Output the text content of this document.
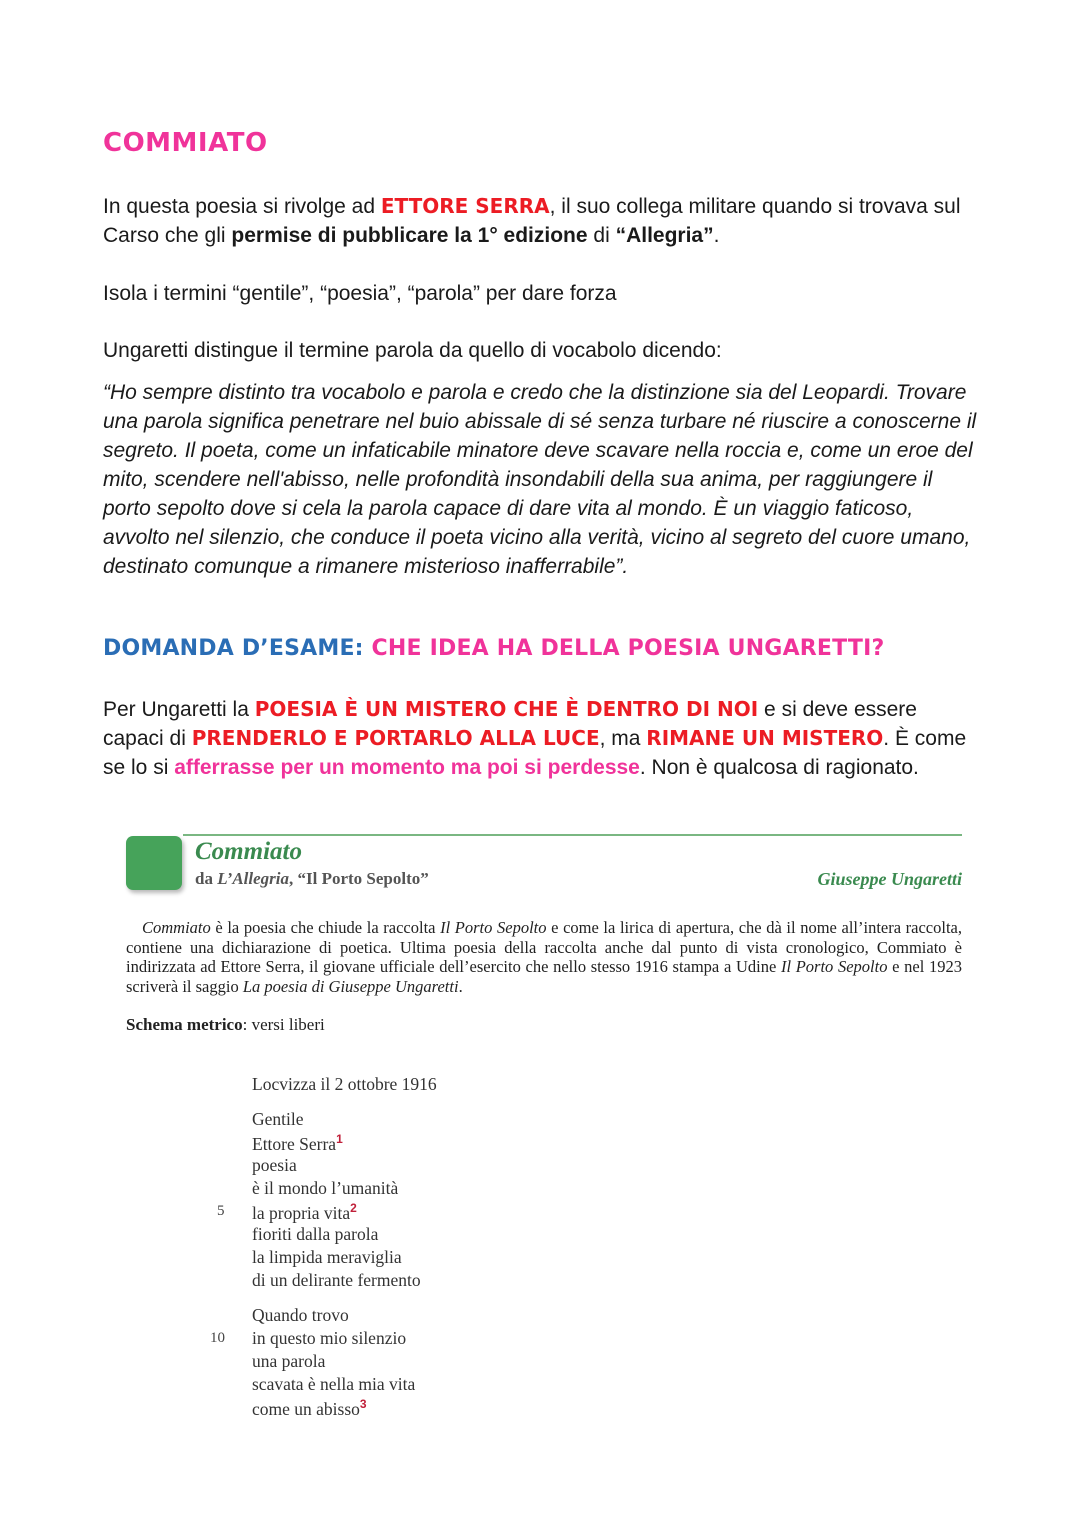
COMMIATO

In questa poesia si rivolge ad ETTORE SERRA, il suo collega militare quando si trovava sul Carso che gli permise di pubblicare la 1° edizione di “Allegria”.

Isola i termini “gentile”, “poesia”, “parola” per dare forza

Ungaretti distingue il termine parola da quello di vocabolo dicendo:

“Ho sempre distinto tra vocabolo e parola e credo che la distinzione sia del Leopardi. Trovare una parola significa penetrare nel buio abissale di sé senza turbare né riuscire a conoscerne il segreto. Il poeta, come un infaticabile minatore deve scavare nella roccia e, come un eroe del mito, scendere nell'abisso, nelle profondità insondabili della sua anima, per raggiungere il porto sepolto dove si cela la parola capace di dare vita al mondo. È un viaggio faticoso, avvolto nel silenzio, che conduce il poeta vicino alla verità, vicino al segreto del cuore umano, destinato comunque a rimanere misterioso inafferrabile”.

DOMANDA D’ESAME: CHE IDEA HA DELLA POESIA UNGARETTI?

Per Ungaretti la POESIA È UN MISTERO CHE È DENTRO DI NOI e si deve essere capaci di PRENDERLO E PORTARLO ALLA LUCE, ma RIMANE UN MISTERO. È come se lo si afferrasse per un momento ma poi si perdesse. Non è qualcosa di ragionato.

Commiato

da L’Allegria, “Il Porto Sepolto”	Giuseppe Ungaretti

Commiato è la poesia che chiude la raccolta Il Porto Sepolto e come la lirica di apertura, che dà il nome all’intera raccolta, contiene una dichiarazione di poetica. Ultima poesia della raccolta anche dal punto di vista cronologico, Commiato è indirizzata ad Ettore Serra, il giovane ufficiale dell’esercito che nello stesso 1916 stampa a Udine Il Porto Sepolto e nel 1923 scriverà il saggio La poesia di Giuseppe Ungaretti.

Schema metrico: versi liberi

Locvizza il 2 ottobre 1916

Gentile

Ettore Serra$^1$

poesia

è il mondo l’umanità

5 la propria vita$^2$

fioriti dalla parola

la limpida meraviglia

di un delirante fermento

Quando trovo

10 in questo mio silenzio

una parola

scavata è nella mia vita

come un abisso$^3$
